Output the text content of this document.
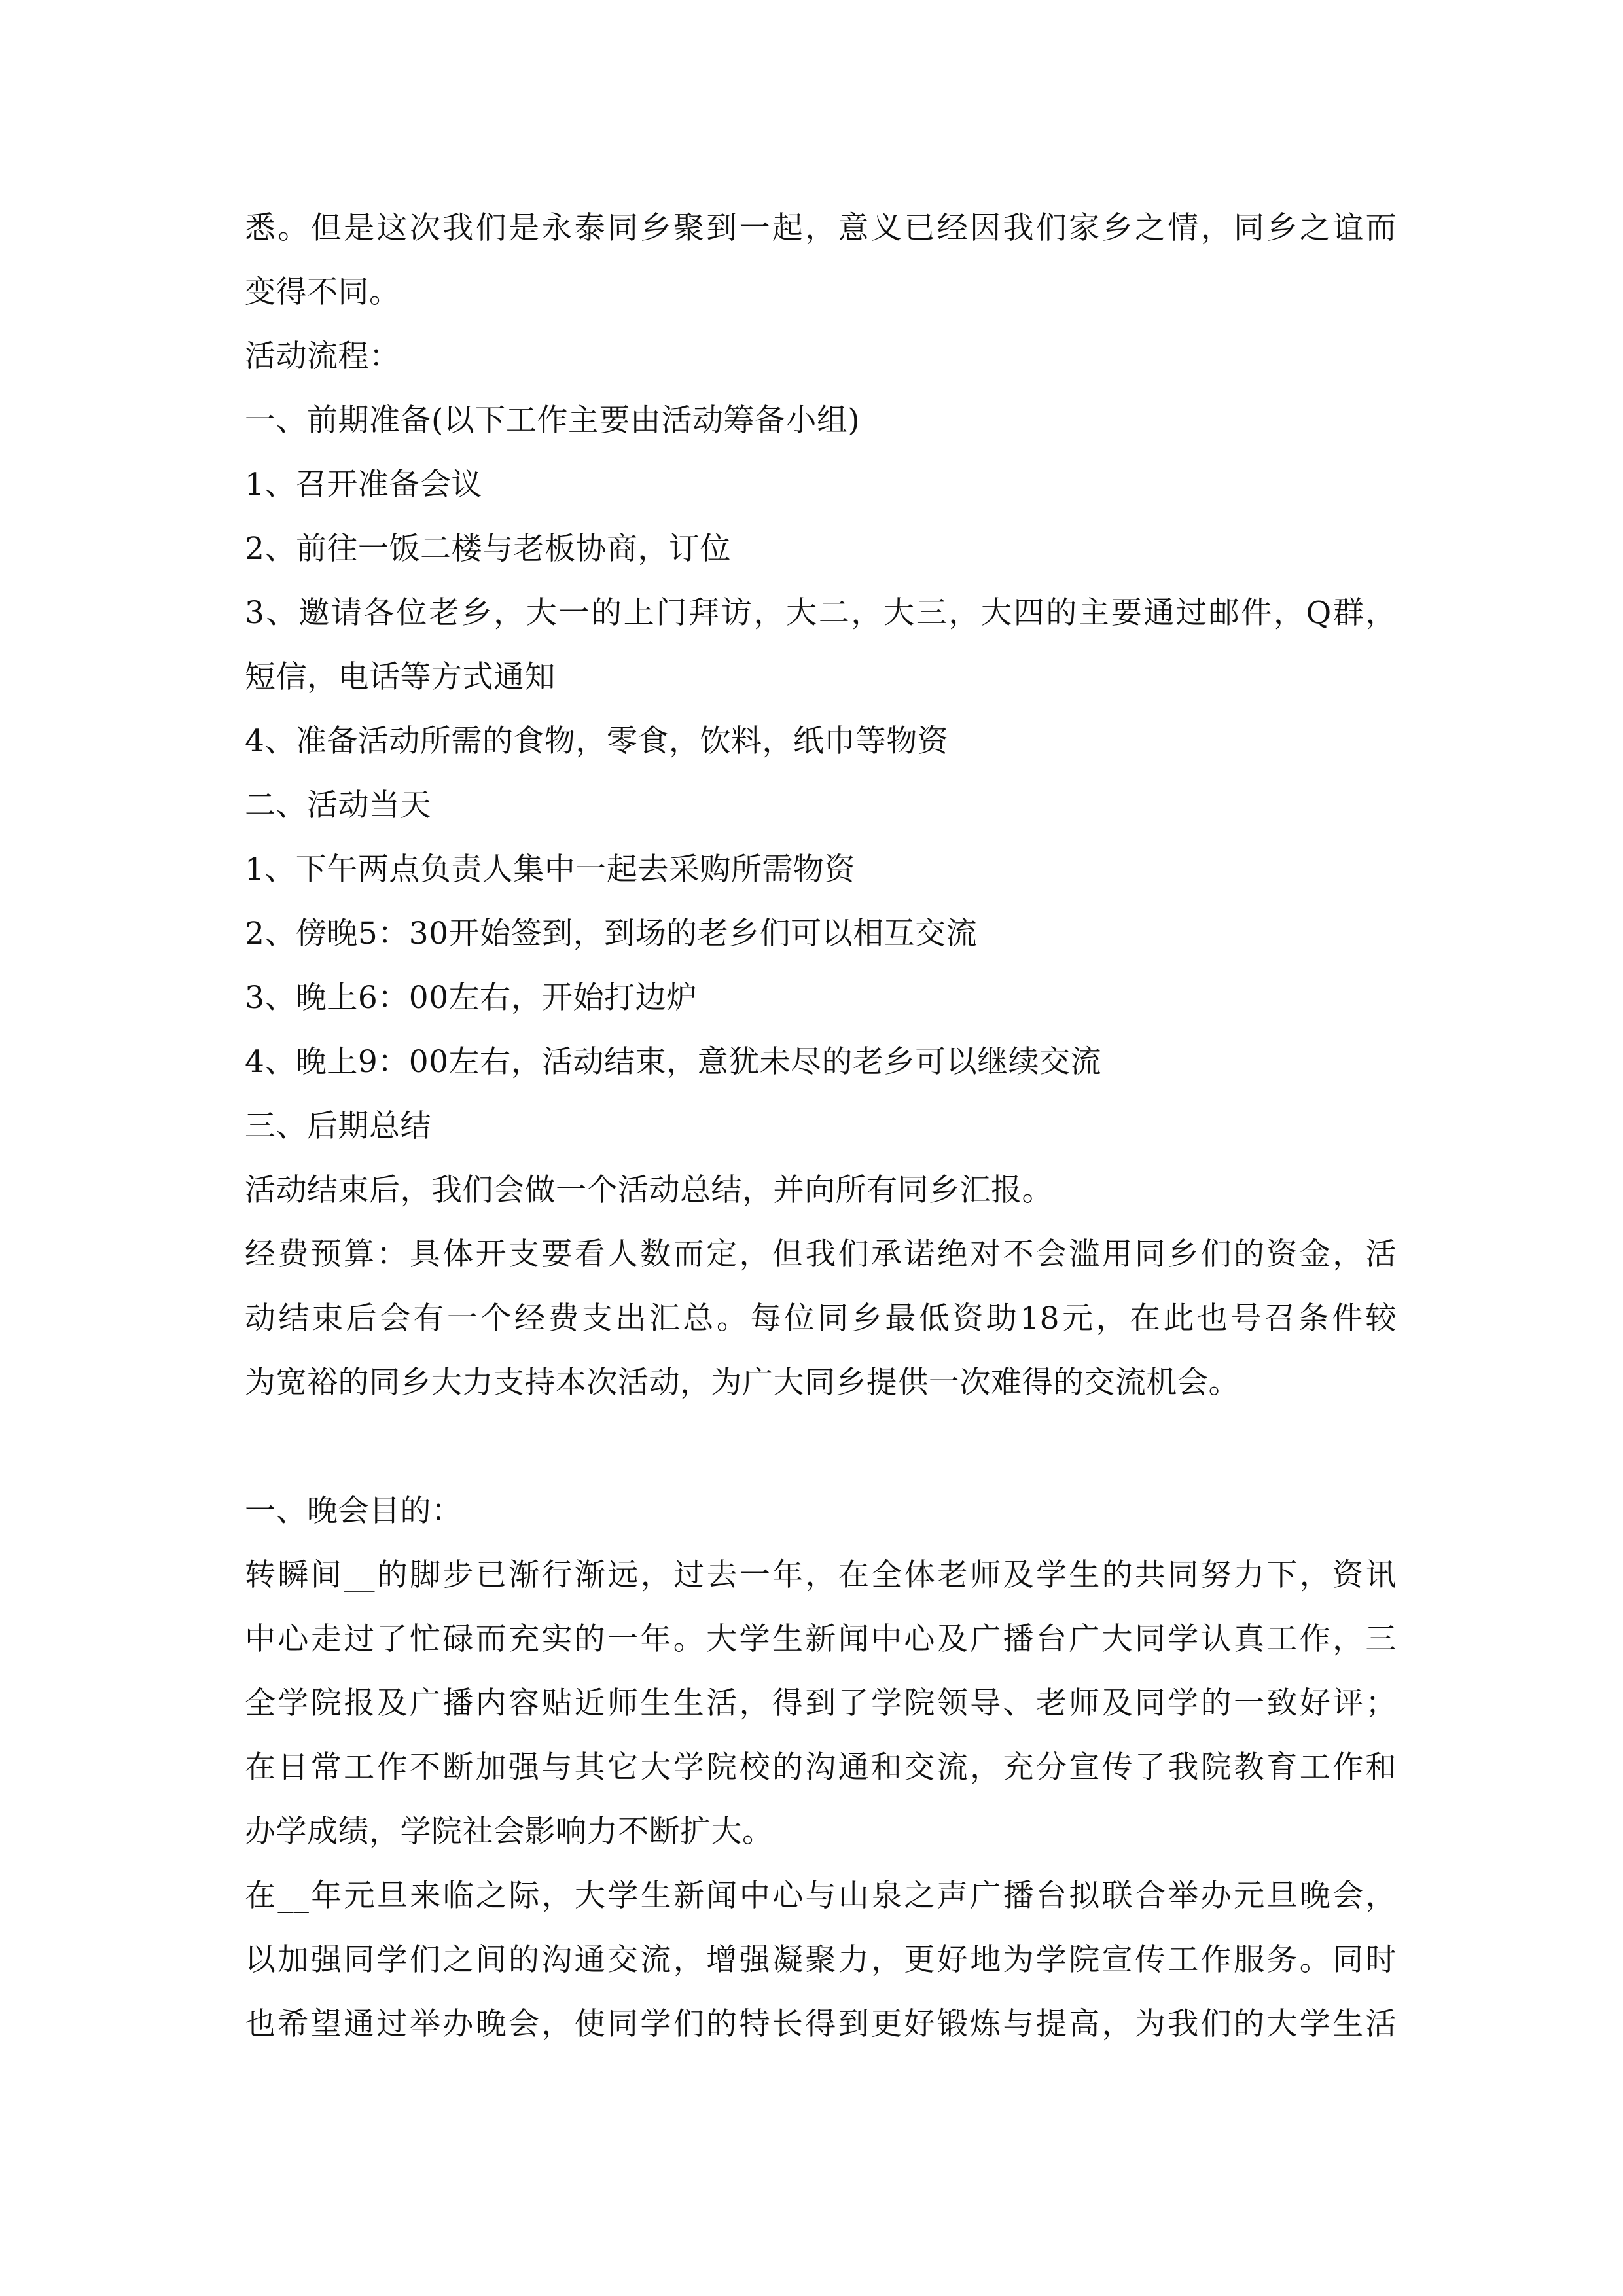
悉。但是这次我们是永泰同乡聚到一起，意义已经因我们家乡之情，同乡之谊而
变得不同。
活动流程：
一、前期准备(以下工作主要由活动筹备小组)
1、召开准备会议
2、前往一饭二楼与老板协商，订位
3、邀请各位老乡，大一的上门拜访，大二，大三，大四的主要通过邮件，Q群，
短信，电话等方式通知
4、准备活动所需的食物，零食，饮料，纸巾等物资
二、活动当天
1、下午两点负责人集中一起去采购所需物资
2、傍晚5：30开始签到，到场的老乡们可以相互交流
3、晚上6：00左右，开始打边炉
4、晚上9：00左右，活动结束，意犹未尽的老乡可以继续交流
三、后期总结
活动结束后，我们会做一个活动总结，并向所有同乡汇报。
经费预算：具体开支要看人数而定，但我们承诺绝对不会滥用同乡们的资金，活
动结束后会有一个经费支出汇总。每位同乡最低资助18元，在此也号召条件较
为宽裕的同乡大力支持本次活动，为广大同乡提供一次难得的交流机会。
一、晚会目的：
转瞬间__的脚步已渐行渐远，过去一年，在全体老师及学生的共同努力下，资讯
中心走过了忙碌而充实的一年。大学生新闻中心及广播台广大同学认真工作，三
全学院报及广播内容贴近师生生活，得到了学院领导、老师及同学的一致好评；
在日常工作不断加强与其它大学院校的沟通和交流，充分宣传了我院教育工作和
办学成绩，学院社会影响力不断扩大。
在__年元旦来临之际，大学生新闻中心与山泉之声广播台拟联合举办元旦晚会，
以加强同学们之间的沟通交流，增强凝聚力，更好地为学院宣传工作服务。同时
也希望通过举办晚会，使同学们的特长得到更好锻炼与提高，为我们的大学生活
